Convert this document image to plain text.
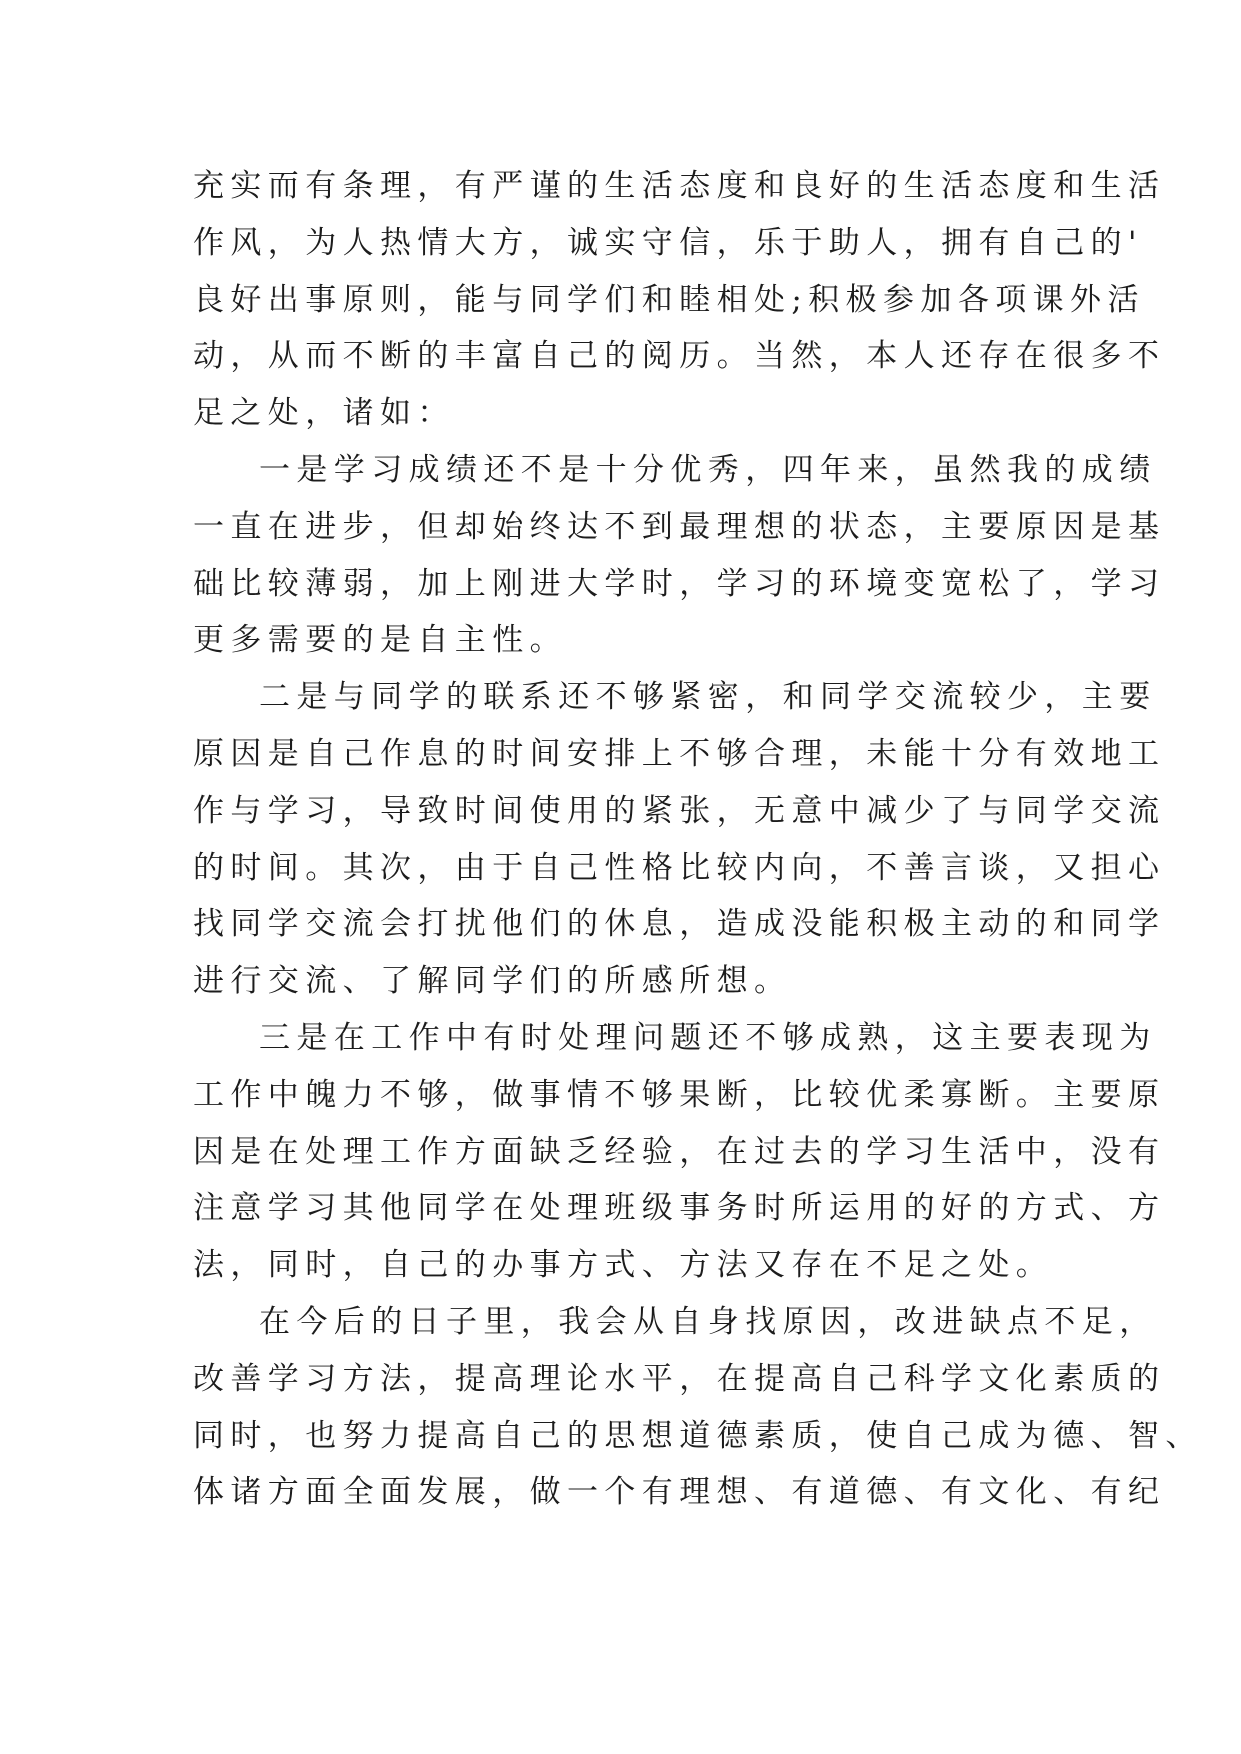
充实而有条理，有严谨的生活态度和良好的生活态度和生活
作风，为人热情大方，诚实守信，乐于助人，拥有自己的'
良好出事原则，能与同学们和睦相处;积极参加各项课外活
动，从而不断的丰富自己的阅历。当然，本人还存在很多不
足之处，诸如：
一是学习成绩还不是十分优秀，四年来，虽然我的成绩
一直在进步，但却始终达不到最理想的状态，主要原因是基
础比较薄弱，加上刚进大学时，学习的环境变宽松了，学习
更多需要的是自主性。
二是与同学的联系还不够紧密，和同学交流较少，主要
原因是自己作息的时间安排上不够合理，未能十分有效地工
作与学习，导致时间使用的紧张，无意中减少了与同学交流
的时间。其次，由于自己性格比较内向，不善言谈，又担心
找同学交流会打扰他们的休息，造成没能积极主动的和同学
进行交流、了解同学们的所感所想。
三是在工作中有时处理问题还不够成熟，这主要表现为
工作中魄力不够，做事情不够果断，比较优柔寡断。主要原
因是在处理工作方面缺乏经验，在过去的学习生活中，没有
注意学习其他同学在处理班级事务时所运用的好的方式、方
法，同时，自己的办事方式、方法又存在不足之处。
在今后的日子里，我会从自身找原因，改进缺点不足，
改善学习方法，提高理论水平，在提高自己科学文化素质的
同时，也努力提高自己的思想道德素质，使自己成为德、智、
体诸方面全面发展，做一个有理想、有道德、有文化、有纪
